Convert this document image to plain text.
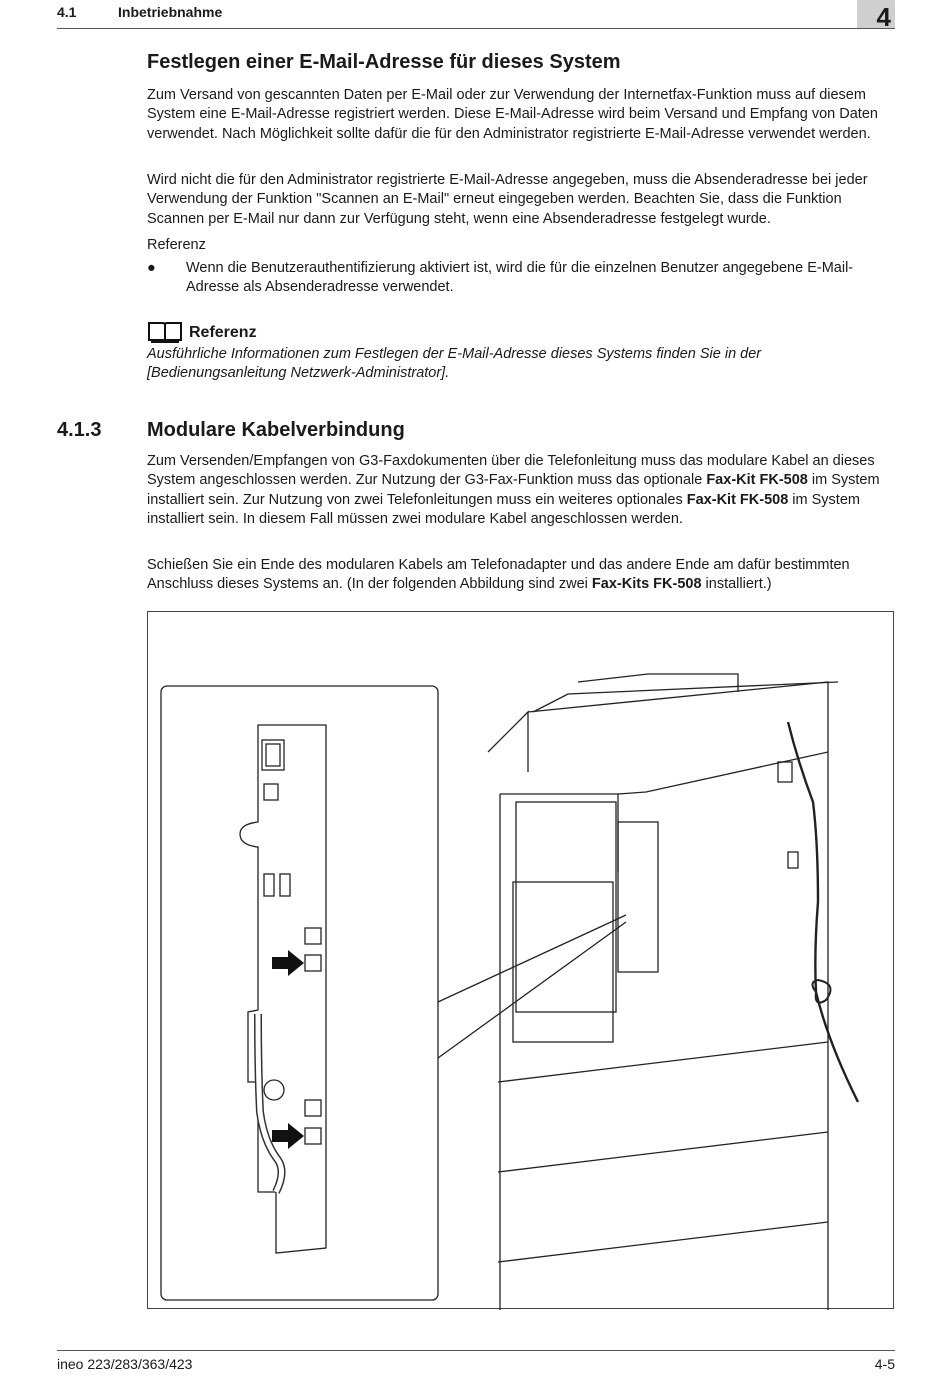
4.1	Inbetriebnahme	4
Festlegen einer E-Mail-Adresse für dieses System

Zum Versand von gescannten Daten per E-Mail oder zur Verwendung der Internetfax-Funktion muss auf diesem System eine E-Mail-Adresse registriert werden. Diese E-Mail-Adresse wird beim Versand und Empfang von Daten verwendet. Nach Möglichkeit sollte dafür die für den Administrator registrierte E-Mail-Adresse verwendet werden.

Wird nicht die für den Administrator registrierte E-Mail-Adresse angegeben, muss die Absenderadresse bei jeder Verwendung der Funktion "Scannen an E-Mail" erneut eingegeben werden. Beachten Sie, dass die Funktion Scannen per E-Mail nur dann zur Verfügung steht, wenn eine Absenderadresse festgelegt wurde.

Referenz

● Wenn die Benutzerauthentifizierung aktiviert ist, wird die für die einzelnen Benutzer angegebene E-Mail-Adresse als Absenderadresse verwendet.

Referenz

Ausführliche Informationen zum Festlegen der E-Mail-Adresse dieses Systems finden Sie in der [Bedienungsanleitung Netzwerk-Administrator].

4.1.3 Modulare Kabelverbindung

Zum Versenden/Empfangen von G3-Faxdokumenten über die Telefonleitung muss das modulare Kabel an dieses System angeschlossen werden. Zur Nutzung der G3-Fax-Funktion muss das optionale Fax-Kit FK-508 im System installiert sein. Zur Nutzung von zwei Telefonleitungen muss ein weiteres optionales Fax-Kit FK-508 im System installiert sein. In diesem Fall müssen zwei modulare Kabel angeschlossen werden.

Schießen Sie ein Ende des modularen Kabels am Telefonadapter und das andere Ende am dafür bestimmten Anschluss dieses Systems an. (In der folgenden Abbildung sind zwei Fax-Kits FK-508 installiert.)

ineo 223/283/363/423	4-5
